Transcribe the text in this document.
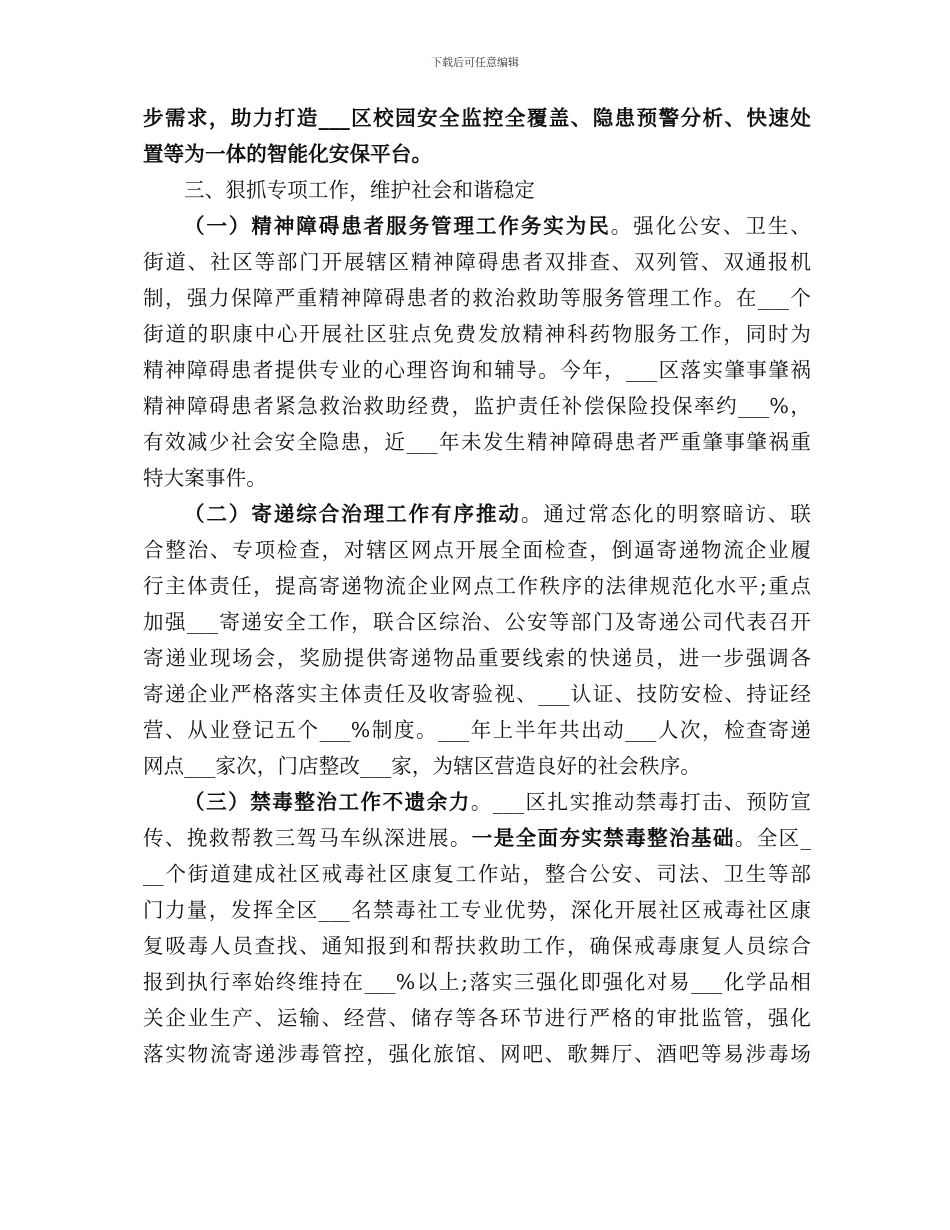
下载后可任意编辑
步需求，助力打造___区校园安全监控全覆盖、隐患预警分析、快速处
置等为一体的智能化安保平台。
三、狠抓专项工作，维护社会和谐稳定
（一）精神障碍患者服务管理工作务实为民。强化公安、卫生、
街道、社区等部门开展辖区精神障碍患者双排查、双列管、双通报机
制，强力保障严重精神障碍患者的救治救助等服务管理工作。在___个
街道的职康中心开展社区驻点免费发放精神科药物服务工作，同时为
精神障碍患者提供专业的心理咨询和辅导。今年，___区落实肇事肇祸
精神障碍患者紧急救治救助经费，监护责任补偿保险投保率约___%，
有效减少社会安全隐患，近___年未发生精神障碍患者严重肇事肇祸重
特大案事件。
（二）寄递综合治理工作有序推动。通过常态化的明察暗访、联
合整治、专项检查，对辖区网点开展全面检查，倒逼寄递物流企业履
行主体责任，提高寄递物流企业网点工作秩序的法律规范化水平;重点
加强___寄递安全工作，联合区综治、公安等部门及寄递公司代表召开
寄递业现场会，奖励提供寄递物品重要线索的快递员，进一步强调各
寄递企业严格落实主体责任及收寄验视、___认证、技防安检、持证经
营、从业登记五个___%制度。___年上半年共出动___人次，检查寄递
网点___家次，门店整改___家，为辖区营造良好的社会秩序。
（三）禁毒整治工作不遗余力。___区扎实推动禁毒打击、预防宣
传、挽救帮教三驾马车纵深进展。一是全面夯实禁毒整治基础。全区_
__个街道建成社区戒毒社区康复工作站，整合公安、司法、卫生等部
门力量，发挥全区___名禁毒社工专业优势，深化开展社区戒毒社区康
复吸毒人员查找、通知报到和帮扶救助工作，确保戒毒康复人员综合
报到执行率始终维持在___%以上;落实三强化即强化对易___化学品相
关企业生产、运输、经营、储存等各环节进行严格的审批监管，强化
落实物流寄递涉毒管控，强化旅馆、网吧、歌舞厅、酒吧等易涉毒场
